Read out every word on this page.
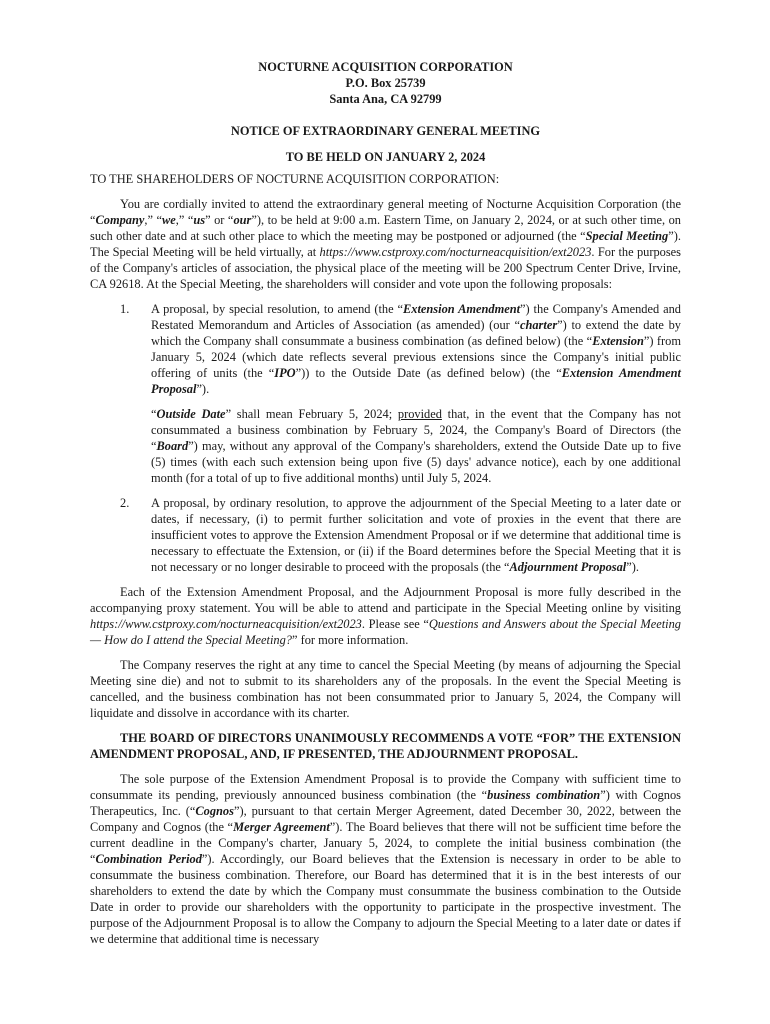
NOCTURNE ACQUISITION CORPORATION
P.O. Box 25739
Santa Ana, CA 92799
NOTICE OF EXTRAORDINARY GENERAL MEETING
TO BE HELD ON JANUARY 2, 2024
TO THE SHAREHOLDERS OF NOCTURNE ACQUISITION CORPORATION:

You are cordially invited to attend the extraordinary general meeting of Nocturne Acquisition Corporation (the “Company,” “we,” “us” or “our”), to be held at 9:00 a.m. Eastern Time, on January 2, 2024, or at such other time, on such other date and at such other place to which the meeting may be postponed or adjourned (the “Special Meeting”). The Special Meeting will be held virtually, at https://www.cstproxy.com/nocturneacquisition/ext2023. For the purposes of the Company's articles of association, the physical place of the meeting will be 200 Spectrum Center Drive, Irvine, CA 92618. At the Special Meeting, the shareholders will consider and vote upon the following proposals:

1. A proposal, by special resolution, to amend (the “Extension Amendment”) the Company's Amended and Restated Memorandum and Articles of Association (as amended) (our “charter”) to extend the date by which the Company shall consummate a business combination (as defined below) (the “Extension”) from January 5, 2024 (which date reflects several previous extensions since the Company's initial public offering of units (the “IPO”)) to the Outside Date (as defined below) (the “Extension Amendment Proposal”).
“Outside Date” shall mean February 5, 2024; provided that, in the event that the Company has not consummated a business combination by February 5, 2024, the Company's Board of Directors (the “Board”) may, without any approval of the Company's shareholders, extend the Outside Date up to five (5) times (with each such extension being upon five (5) days' advance notice), each by one additional month (for a total of up to five additional months) until July 5, 2024.
2. A proposal, by ordinary resolution, to approve the adjournment of the Special Meeting to a later date or dates, if necessary, (i) to permit further solicitation and vote of proxies in the event that there are insufficient votes to approve the Extension Amendment Proposal or if we determine that additional time is necessary to effectuate the Extension, or (ii) if the Board determines before the Special Meeting that it is not necessary or no longer desirable to proceed with the proposals (the “Adjournment Proposal”).

Each of the Extension Amendment Proposal, and the Adjournment Proposal is more fully described in the accompanying proxy statement. You will be able to attend and participate in the Special Meeting online by visiting https://www.cstproxy.com/nocturneacquisition/ext2023. Please see “Questions and Answers about the Special Meeting — How do I attend the Special Meeting?” for more information.

The Company reserves the right at any time to cancel the Special Meeting (by means of adjourning the Special Meeting sine die) and not to submit to its shareholders any of the proposals. In the event the Special Meeting is cancelled, and the business combination has not been consummated prior to January 5, 2024, the Company will liquidate and dissolve in accordance with its charter.

THE BOARD OF DIRECTORS UNANIMOUSLY RECOMMENDS A VOTE “FOR” THE EXTENSION AMENDMENT PROPOSAL, AND, IF PRESENTED, THE ADJOURNMENT PROPOSAL.

The sole purpose of the Extension Amendment Proposal is to provide the Company with sufficient time to consummate its pending, previously announced business combination (the “business combination”) with Cognos Therapeutics, Inc. (“Cognos”), pursuant to that certain Merger Agreement, dated December 30, 2022, between the Company and Cognos (the “Merger Agreement”). The Board believes that there will not be sufficient time before the current deadline in the Company's charter, January 5, 2024, to complete the initial business combination (the “Combination Period”). Accordingly, our Board believes that the Extension is necessary in order to be able to consummate the business combination. Therefore, our Board has determined that it is in the best interests of our shareholders to extend the date by which the Company must consummate the business combination to the Outside Date in order to provide our shareholders with the opportunity to participate in the prospective investment. The purpose of the Adjournment Proposal is to allow the Company to adjourn the Special Meeting to a later date or dates if we determine that additional time is necessary
